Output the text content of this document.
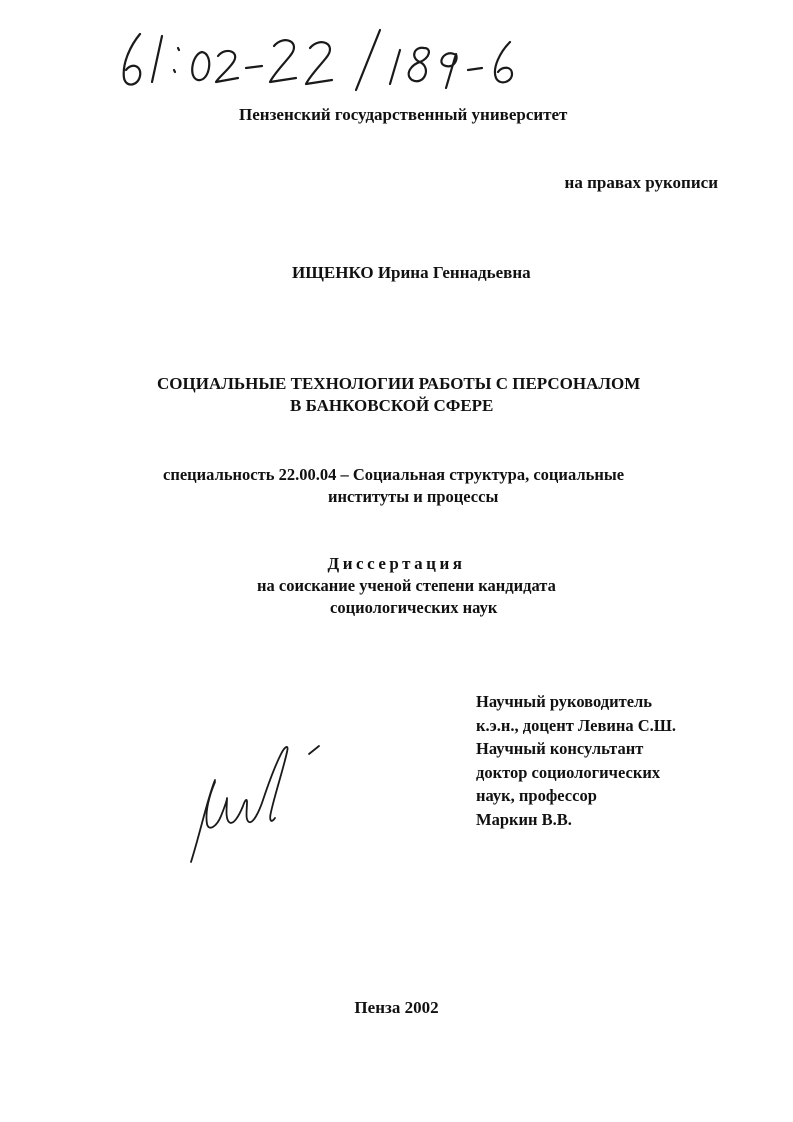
Пензенский государственный университет
на правах рукописи
ИЩЕНКО Ирина Геннадьевна
СОЦИАЛЬНЫЕ ТЕХНОЛОГИИ РАБОТЫ С ПЕРСОНАЛОМ
В БАНКОВСКОЙ СФЕРЕ
специальность 22.00.04 – Социальная структура, социальные
институты и процессы
Диссертация
на соискание ученой степени кандидата
социологических наук
Научный руководитель
к.э.н., доцент Левина С.Ш.
Научный консультант
доктор социологических
наук, профессор
Маркин В.В.
Пенза 2002
